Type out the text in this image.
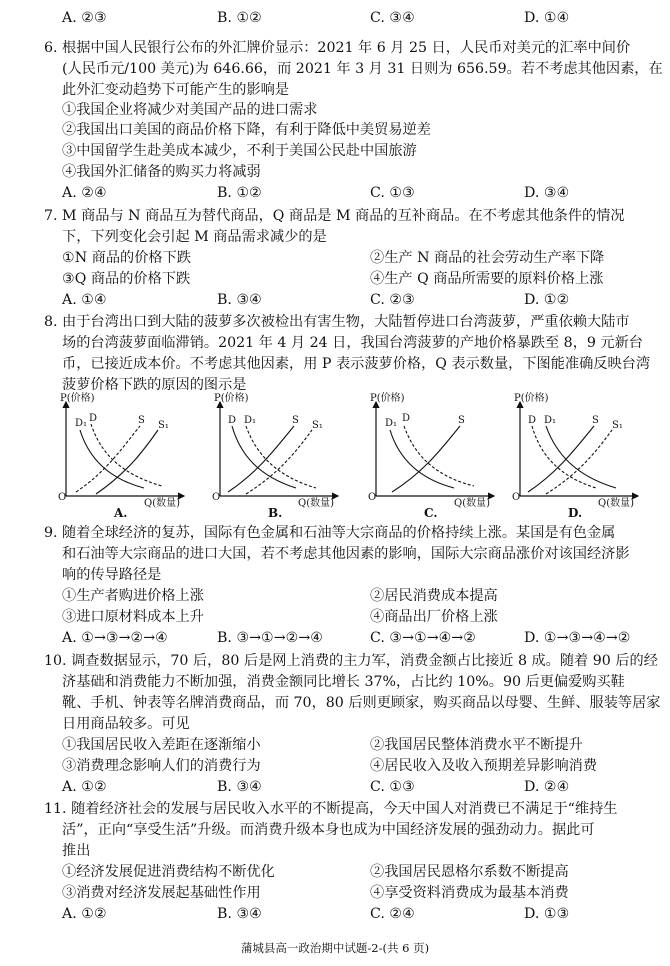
A. ②③	B. ①②	C. ③④	D. ①④
6. 根据中国人民银行公布的外汇牌价显示：2021 年 6 月 25 日，人民币对美元的汇率中间价
(人民币元/100 美元)为 646.66，而 2021 年 3 月 31 日则为 656.59。若不考虑其他因素，在
此外汇变动趋势下可能产生的影响是
①我国企业将减少对美国产品的进口需求
②我国出口美国的商品价格下降，有利于降低中美贸易逆差
③中国留学生赴美成本减少，不利于美国公民赴中国旅游
④我国外汇储备的购买力将减弱
A. ②④	B. ①②	C. ①③	D. ③④
7. M 商品与 N 商品互为替代商品，Q 商品是 M 商品的互补商品。在不考虑其他条件的情况
下，下列变化会引起 M 商品需求减少的是
①N 商品的价格下跌	②生产 N 商品的社会劳动生产率下降
③Q 商品的价格下跌	④生产 Q 商品所需要的原料价格上涨
A. ①④	B. ③④	C. ②③	D. ①②
8. 由于台湾出口到大陆的菠萝多次被检出有害生物，大陆暂停进口台湾菠萝，严重依赖大陆市
场的台湾菠萝面临滞销。2021 年 4 月 24 日，我国台湾菠萝的产地价格暴跌至 8，9 元新台
币，已接近成本价。不考虑其他因素，用 P 表示菠萝价格，Q 表示数量，下图能准确反映台湾
菠萝价格下跌的原因的图示是
P(价格)
D₁ D	S S₁
O
Q(数量)
A.
P(价格)
D D₁	S S₁
O
Q(数量)
B.
P(价格)
D₁ D	S
O
Q(数量)
C.
P(价格)
D D₁	S S₁
O
Q(数量)
D.
9. 随着全球经济的复苏，国际有色金属和石油等大宗商品的价格持续上涨。某国是有色金属
和石油等大宗商品的进口大国，若不考虑其他因素的影响，国际大宗商品涨价对该国经济影
响的传导路径是
①生产者购进价格上涨	②居民消费成本提高
③进口原材料成本上升	④商品出厂价格上涨
A. ①→③→②→④	B. ③→①→②→④	C. ③→①→④→②	D. ①→③→④→②
10. 调查数据显示，70 后，80 后是网上消费的主力军，消费金额占比接近 8 成。随着 90 后的经
济基础和消费能力不断加强，消费金额同比增长 37%，占比约 10%。90 后更偏爱购买鞋
靴、手机、钟表等名牌消费商品，而 70，80 后则更顾家，购买商品以母婴、生鲜、服装等居家
日用商品较多。可见
①我国居民收入差距在逐渐缩小	②我国居民整体消费水平不断提升
③消费理念影响人们的消费行为	④居民收入及收入预期差异影响消费
A. ①②	B. ③④	C. ①③	D. ②④
11. 随着经济社会的发展与居民收入水平的不断提高，今天中国人对消费已不满足于“维持生
活”，正向“享受生活”升级。而消费升级本身也成为中国经济发展的强劲动力。据此可
推出
①经济发展促进消费结构不断优化	②我国居民恩格尔系数不断提高
③消费对经济发展起基础性作用	④享受资料消费成为最基本消费
A. ①②	B. ③④	C. ②④	D. ①③
蒲城县高一政治期中试题-2-(共 6 页)
